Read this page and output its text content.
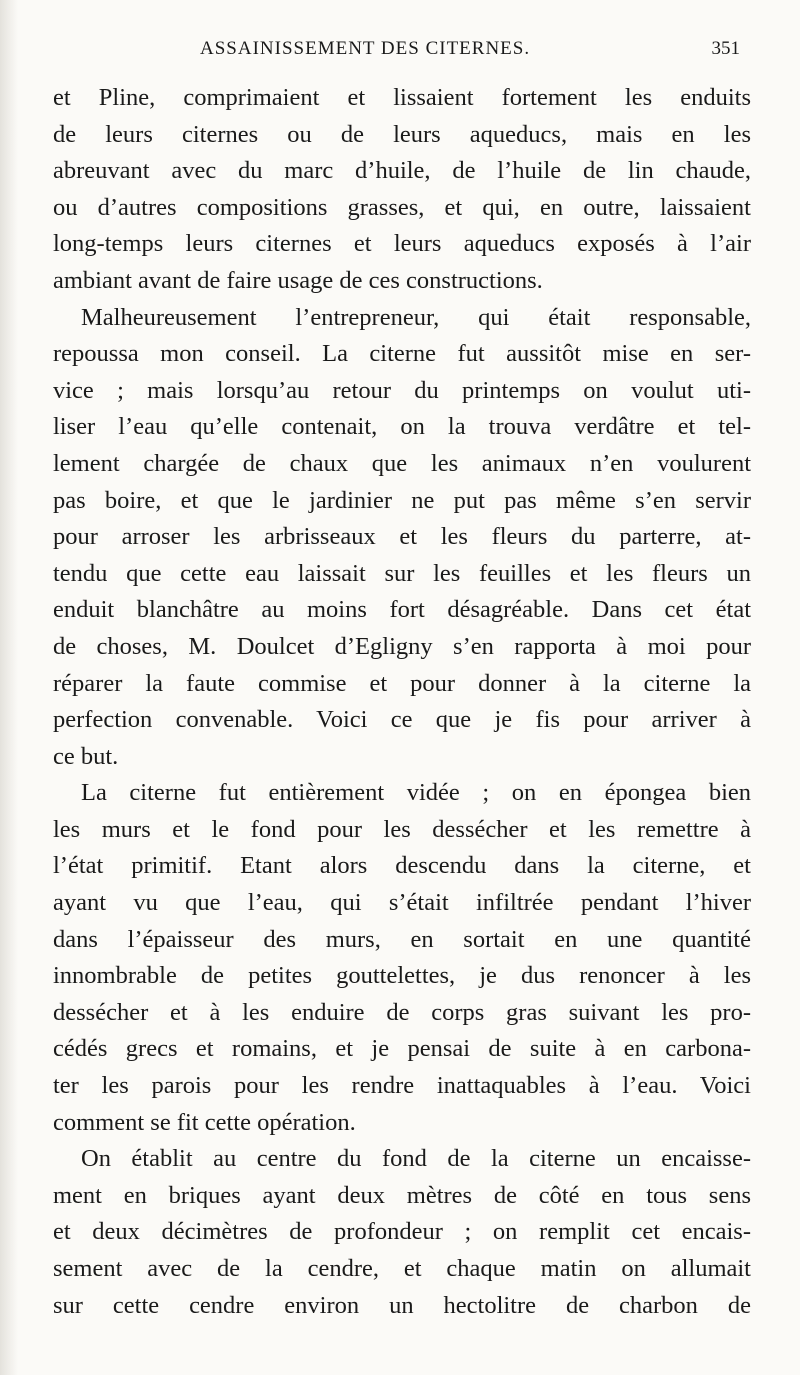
ASSAINISSEMENT DES CITERNES.	351
et Pline, comprimaient et lissaient fortement les enduits
de leurs citernes ou de leurs aqueducs, mais en les
abreuvant avec du marc d’huile, de l’huile de lin chaude,
ou d’autres compositions grasses, et qui, en outre, laissaient
long-temps leurs citernes et leurs aqueducs exposés à l’air
ambiant avant de faire usage de ces constructions.
Malheureusement l’entrepreneur, qui était responsable,
repoussa mon conseil. La citerne fut aussitôt mise en ser-
vice ; mais lorsqu’au retour du printemps on voulut uti-
liser l’eau qu’elle contenait, on la trouva verdâtre et tel-
lement chargée de chaux que les animaux n’en voulurent
pas boire, et que le jardinier ne put pas même s’en servir
pour arroser les arbrisseaux et les fleurs du parterre, at-
tendu que cette eau laissait sur les feuilles et les fleurs un
enduit blanchâtre au moins fort désagréable. Dans cet état
de choses, M. Doulcet d’Egligny s’en rapporta à moi pour
réparer la faute commise et pour donner à la citerne la
perfection convenable. Voici ce que je fis pour arriver à
ce but.
La citerne fut entièrement vidée ; on en épongea bien
les murs et le fond pour les dessécher et les remettre à
l’état primitif. Etant alors descendu dans la citerne, et
ayant vu que l’eau, qui s’était infiltrée pendant l’hiver
dans l’épaisseur des murs, en sortait en une quantité
innombrable de petites gouttelettes, je dus renoncer à les
dessécher et à les enduire de corps gras suivant les pro-
cédés grecs et romains, et je pensai de suite à en carbona-
ter les parois pour les rendre inattaquables à l’eau. Voici
comment se fit cette opération.
On établit au centre du fond de la citerne un encaisse-
ment en briques ayant deux mètres de côté en tous sens
et deux décimètres de profondeur ; on remplit cet encais-
sement avec de la cendre, et chaque matin on allumait
sur cette cendre environ un hectolitre de charbon de
